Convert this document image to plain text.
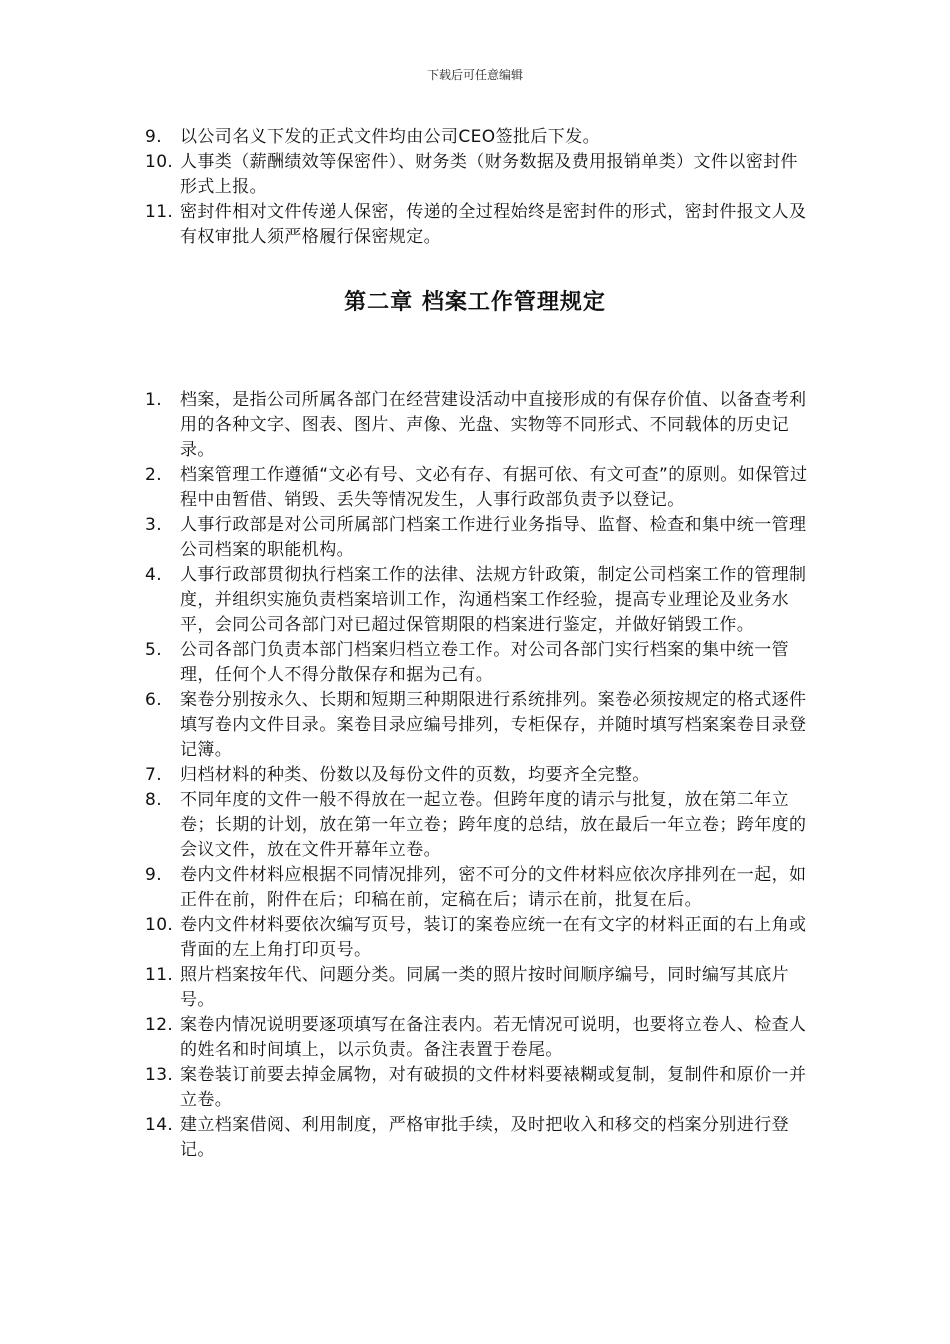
下载后可任意编辑
9. 以公司名义下发的正式文件均由公司CEO签批后下发。
10. 人事类（薪酬绩效等保密件）、财务类（财务数据及费用报销单类）文件以密封件形式上报。
11. 密封件相对文件传递人保密，传递的全过程始终是密封件的形式，密封件报文人及有权审批人须严格履行保密规定。
第二章 档案工作管理规定
1. 档案，是指公司所属各部门在经营建设活动中直接形成的有保存价值、以备查考利用的各种文字、图表、图片、声像、光盘、实物等不同形式、不同载体的历史记录。
2. 档案管理工作遵循“文必有号、文必有存、有据可依、有文可查”的原则。如保管过程中由暂借、销毁、丢失等情况发生，人事行政部负责予以登记。
3. 人事行政部是对公司所属部门档案工作进行业务指导、监督、检查和集中统一管理公司档案的职能机构。
4. 人事行政部贯彻执行档案工作的法律、法规方针政策，制定公司档案工作的管理制度，并组织实施负责档案培训工作，沟通档案工作经验，提高专业理论及业务水平，会同公司各部门对已超过保管期限的档案进行鉴定，并做好销毁工作。
5. 公司各部门负责本部门档案归档立卷工作。对公司各部门实行档案的集中统一管理，任何个人不得分散保存和据为己有。
6. 案卷分别按永久、长期和短期三种期限进行系统排列。案卷必须按规定的格式逐件填写卷内文件目录。案卷目录应编号排列，专柜保存，并随时填写档案案卷目录登记簿。
7. 归档材料的种类、份数以及每份文件的页数，均要齐全完整。
8. 不同年度的文件一般不得放在一起立卷。但跨年度的请示与批复，放在第二年立卷；长期的计划，放在第一年立卷；跨年度的总结，放在最后一年立卷；跨年度的会议文件，放在文件开幕年立卷。
9. 卷内文件材料应根据不同情况排列，密不可分的文件材料应依次序排列在一起，如正件在前，附件在后；印稿在前，定稿在后；请示在前，批复在后。
10. 卷内文件材料要依次编写页号，装订的案卷应统一在有文字的材料正面的右上角或背面的左上角打印页号。
11. 照片档案按年代、问题分类。同属一类的照片按时间顺序编号，同时编写其底片号。
12. 案卷内情况说明要逐项填写在备注表内。若无情况可说明，也要将立卷人、检查人的姓名和时间填上，以示负责。备注表置于卷尾。
13. 案卷装订前要去掉金属物，对有破损的文件材料要裱糊或复制，复制件和原价一并立卷。
14. 建立档案借阅、利用制度，严格审批手续，及时把收入和移交的档案分别进行登记。
